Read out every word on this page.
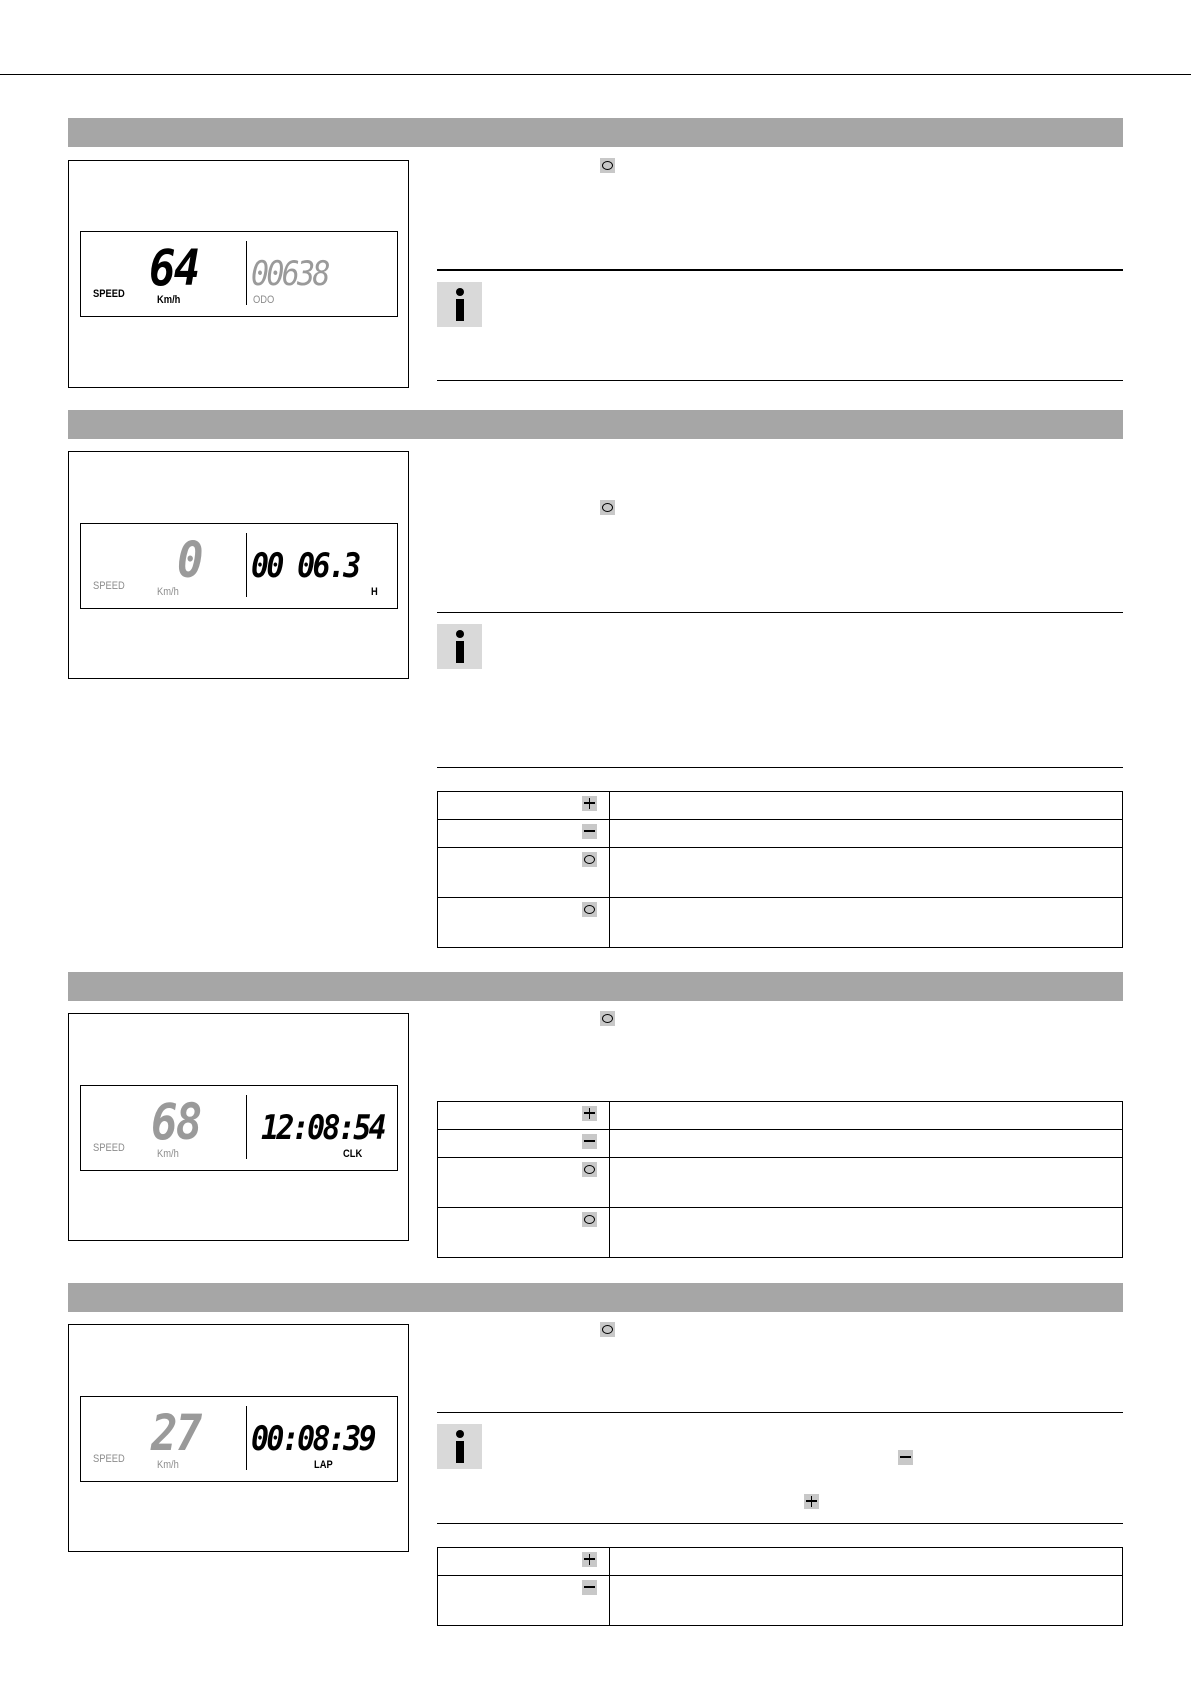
64
SPEED	Km/h
00638
ODO
0
SPEED	Km/h
00 06.3
H

68
SPEED	Km/h
12:08:54
CLK

27
SPEED	Km/h
00:08:39
LAP
